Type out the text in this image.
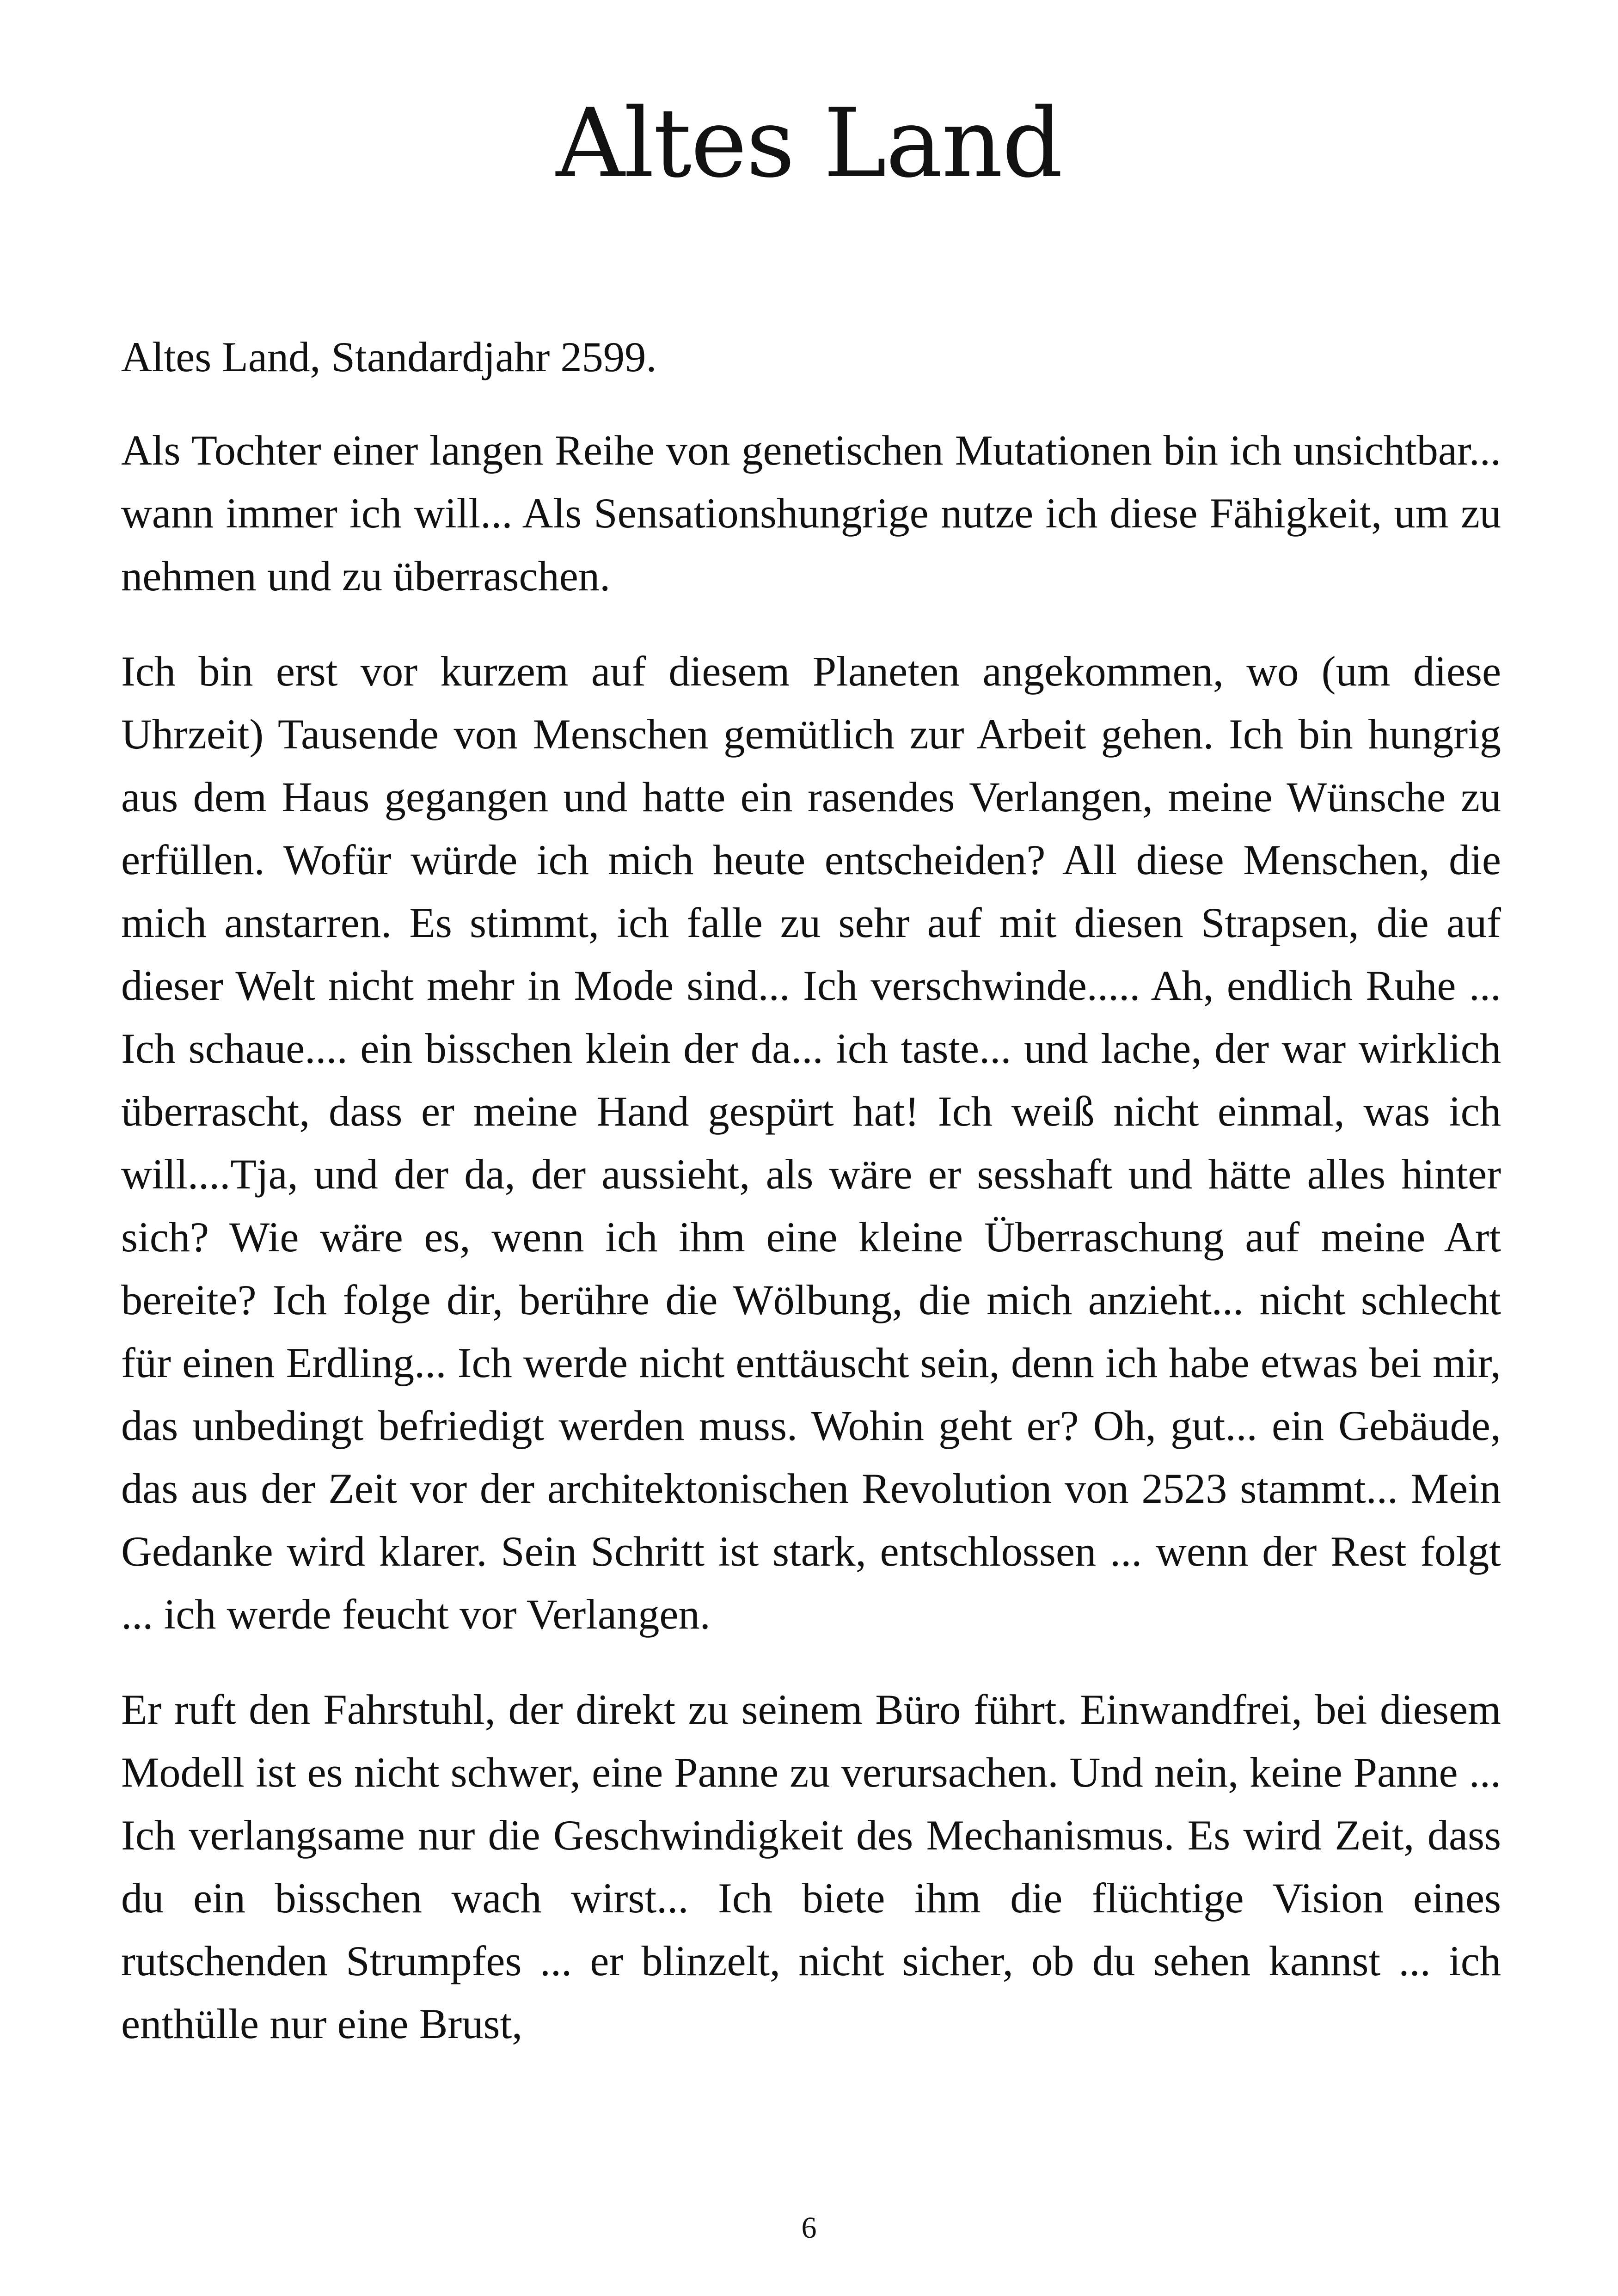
Altes Land

Altes Land, Standardjahr 2599.

Als Tochter einer langen Reihe von genetischen Mutationen bin ich unsichtbar... wann immer ich will... Als Sensationshungrige nutze ich diese Fähigkeit, um zu nehmen und zu überraschen.

Ich bin erst vor kurzem auf diesem Planeten angekommen, wo (um diese Uhrzeit) Tausende von Menschen gemütlich zur Arbeit gehen. Ich bin hungrig aus dem Haus gegangen und hatte ein rasendes Verlangen, meine Wünsche zu erfüllen. Wofür würde ich mich heute entscheiden? All diese Menschen, die mich anstarren. Es stimmt, ich falle zu sehr auf mit diesen Strapsen, die auf dieser Welt nicht mehr in Mode sind... Ich verschwinde..... Ah, endlich Ruhe ... Ich schaue.... ein bisschen klein der da... ich taste... und lache, der war wirklich überrascht, dass er meine Hand gespürt hat! Ich weiß nicht einmal, was ich will....Tja, und der da, der aussieht, als wäre er sesshaft und hätte alles hinter sich? Wie wäre es, wenn ich ihm eine kleine Überraschung auf meine Art bereite? Ich folge dir, berühre die Wölbung, die mich anzieht... nicht schlecht für einen Erdling... Ich werde nicht enttäuscht sein, denn ich habe etwas bei mir, das unbedingt befriedigt werden muss. Wohin geht er? Oh, gut... ein Gebäude, das aus der Zeit vor der architektonischen Revolution von 2523 stammt... Mein Gedanke wird klarer. Sein Schritt ist stark, entschlossen ... wenn der Rest folgt ... ich werde feucht vor Verlangen.

Er ruft den Fahrstuhl, der direkt zu seinem Büro führt. Einwandfrei, bei diesem Modell ist es nicht schwer, eine Panne zu verursachen. Und nein, keine Panne ... Ich verlangsame nur die Geschwindigkeit des Mechanismus. Es wird Zeit, dass du ein bisschen wach wirst... Ich biete ihm die flüchtige Vision eines rutschenden Strumpfes ... er blinzelt, nicht sicher, ob du sehen kannst ... ich enthülle nur eine Brust,

6
